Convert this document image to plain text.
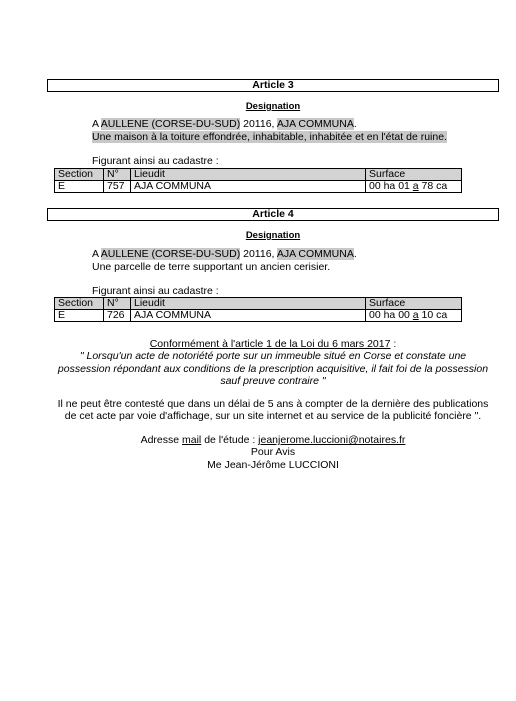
Article 3
Designation
A AULLENE (CORSE-DU-SUD) 20116, AJA COMMUNA.
Une maison à la toiture effondrée, inhabitable, inhabitée et en l'état de ruine.
Figurant ainsi au cadastre :
Section	N°	Lieudit	Surface
E	757	AJA COMMUNA	00 ha 01 a 78 ca
Article 4
Designation
A AULLENE (CORSE-DU-SUD) 20116, AJA COMMUNA.
Une parcelle de terre supportant un ancien cerisier.
Figurant ainsi au cadastre :
Section	N°	Lieudit	Surface
E	726	AJA COMMUNA	00 ha 00 a 10 ca
Conformément à l'article 1 de la Loi du 6 mars 2017 :
" Lorsqu'un acte de notoriété porte sur un immeuble situé en Corse et constate une
possession répondant aux conditions de la prescription acquisitive, il fait foi de la possession
sauf preuve contraire "
Il ne peut être contesté que dans un délai de 5 ans à compter de la dernière des publications
de cet acte par voie d'affichage, sur un site internet et au service de la publicité foncière ".
Adresse mail de l'étude : jeanjerome.luccioni@notaires.fr
Pour Avis
Me Jean-Jérôme LUCCIONI
